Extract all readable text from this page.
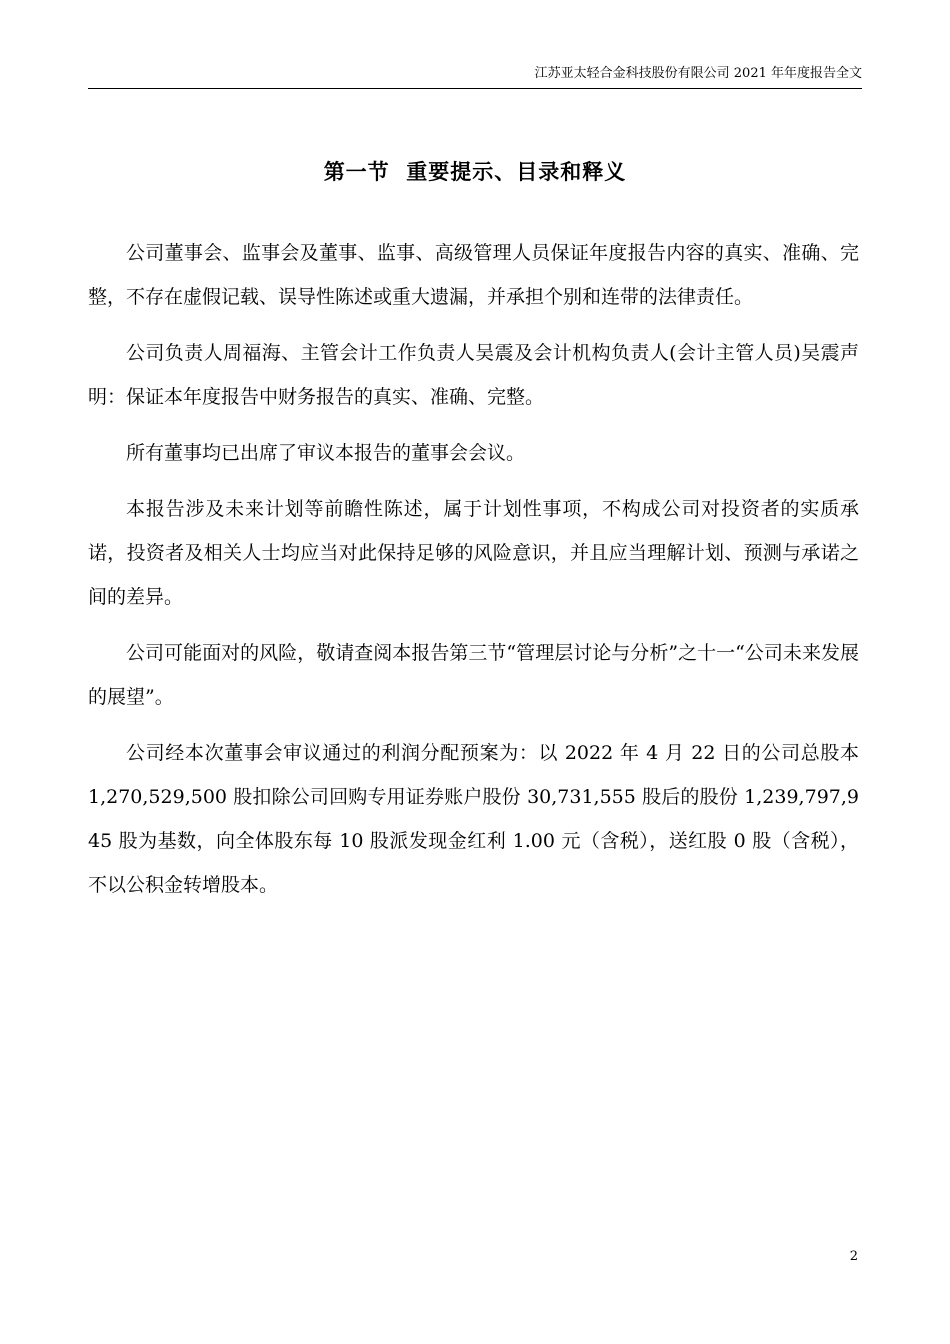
江苏亚太轻合金科技股份有限公司 2021 年年度报告全文
第一节  重要提示、目录和释义

公司董事会、监事会及董事、监事、高级管理人员保证年度报告内容的真实、准确、完整，不存在虚假记载、误导性陈述或重大遗漏，并承担个别和连带的法律责任。

公司负责人周福海、主管会计工作负责人吴震及会计机构负责人(会计主管人员)吴震声明：保证本年度报告中财务报告的真实、准确、完整。

所有董事均已出席了审议本报告的董事会会议。

本报告涉及未来计划等前瞻性陈述，属于计划性事项，不构成公司对投资者的实质承诺，投资者及相关人士均应当对此保持足够的风险意识，并且应当理解计划、预测与承诺之间的差异。

公司可能面对的风险，敬请查阅本报告第三节“管理层讨论与分析”之十一“公司未来发展的展望”。

公司经本次董事会审议通过的利润分配预案为：以 2022 年 4 月 22 日的公司总股本 1,270,529,500 股扣除公司回购专用证券账户股份 30,731,555 股后的股份 1,239,797,945 股为基数，向全体股东每 10 股派发现金红利 1.00 元（含税），送红股 0 股（含税），不以公积金转增股本。

2
